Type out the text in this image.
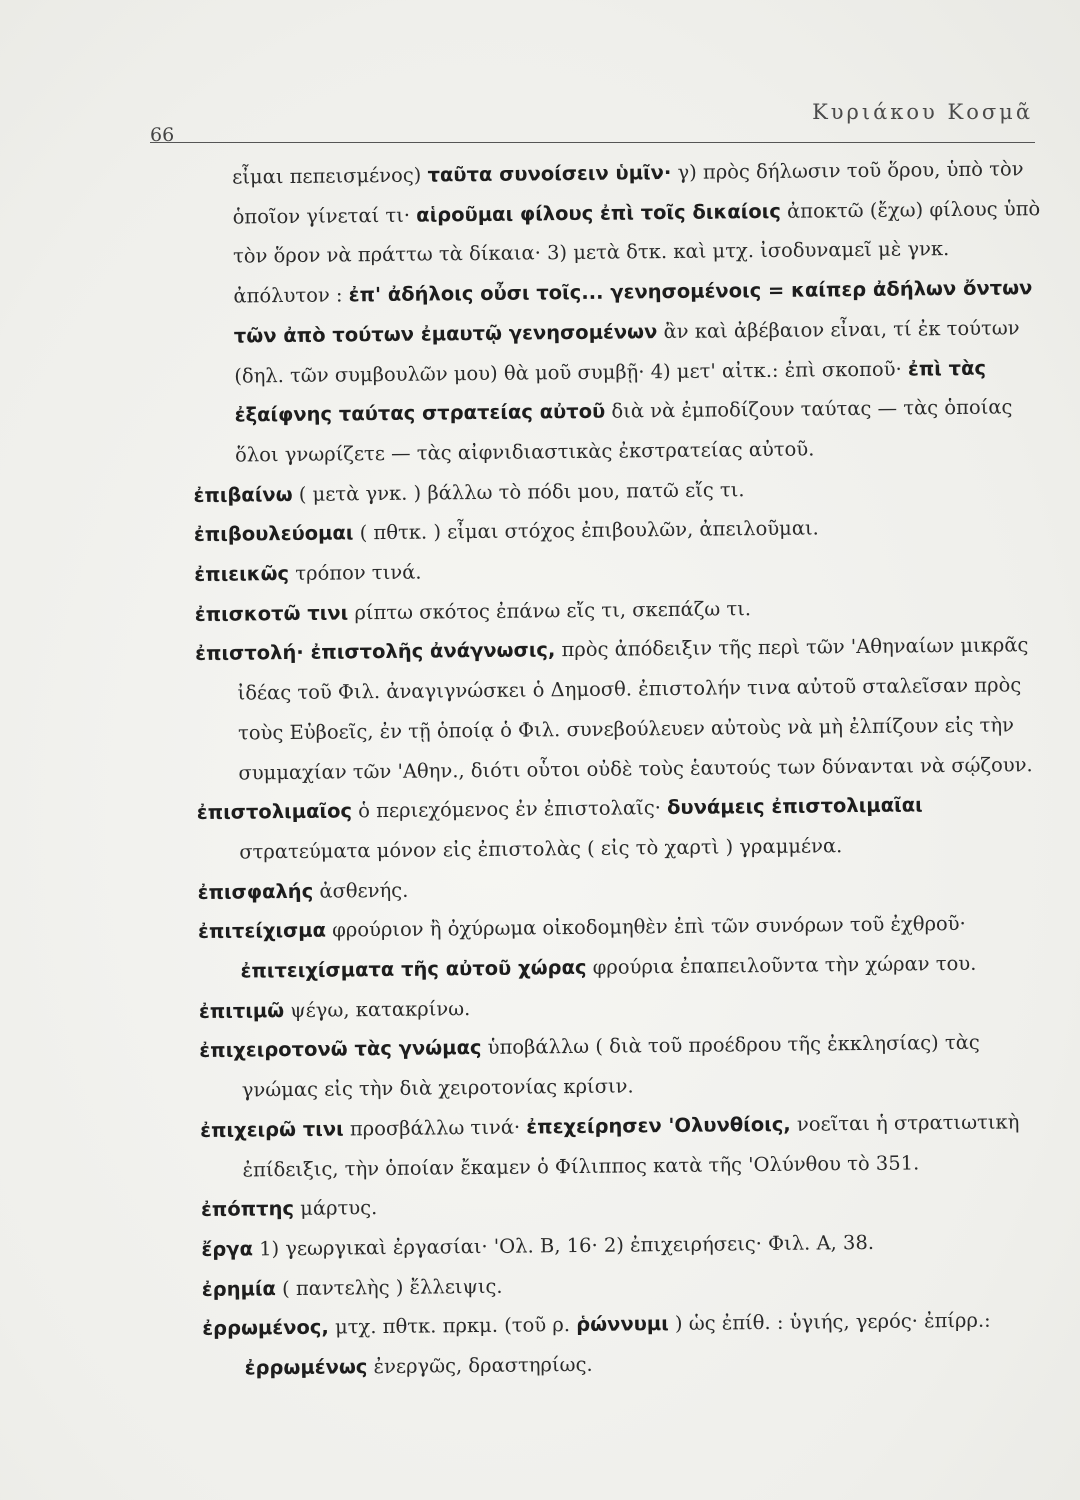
66
Κυριάκου Κοσμᾶ

εἶμαι πεπεισμένος) ταῦτα συνοίσειν ὑμῖν· γ) πρὸς δήλωσιν τοῦ ὅρου, ὑπὸ τὸν ὁποῖον γίνεταί τι· αἱροῦμαι φίλους ἐπὶ τοῖς δικαίοις ἀποκτῶ (ἔχω) φίλους ὑπὸ τὸν ὅρον νὰ πράττω τὰ δίκαια· 3) μετὰ δτκ. καὶ μτχ. ἰσοδυναμεῖ μὲ γνκ. ἀπόλυτον : ἐπ' ἀδήλοις οὖσι τοῖς... γενησομένοις = καίπερ ἀδήλων ὄντων τῶν ἀπὸ τούτων ἐμαυτῷ γενησομένων ἂν καὶ ἀβέβαιον εἶναι, τί ἐκ τούτων (δηλ. τῶν συμβουλῶν μου) θὰ μοῦ συμβῇ· 4) μετ' αἰτκ.: ἐπὶ σκοποῦ· ἐπὶ τὰς ἐξαίφνης ταύτας στρατείας αὐτοῦ διὰ νὰ ἐμποδίζουν ταύτας — τὰς ὁποίας ὅλοι γνωρίζετε — τὰς αἰφνιδιαστικὰς ἐκστρατείας αὐτοῦ.

ἐπιβαίνω ( μετὰ γνκ. ) βάλλω τὸ πόδι μου, πατῶ εἴς τι.

ἐπιβουλεύομαι ( πθτκ. ) εἶμαι στόχος ἐπιβουλῶν, ἀπειλοῦμαι.

ἐπιεικῶς τρόπον τινά.

ἐπισκοτῶ τινι ρίπτω σκότος ἐπάνω εἴς τι, σκεπάζω τι.

ἐπιστολή· ἐπιστολῆς ἀνάγνωσις, πρὸς ἀπόδειξιν τῆς περὶ τῶν 'Αθηναίων μικρᾶς ἰδέας τοῦ Φιλ. ἀναγιγνώσκει ὁ Δημοσθ. ἐπιστολήν τινα αὐτοῦ σταλεῖσαν πρὸς τοὺς Εὐβοεῖς, ἐν τῇ ὁποίᾳ ὁ Φιλ. συνεβούλευεν αὐτοὺς νὰ μὴ ἐλπίζουν εἰς τὴν συμμαχίαν τῶν 'Αθην., διότι οὗτοι οὐδὲ τοὺς ἑαυτούς των δύνανται νὰ σῴζουν.

ἐπιστολιμαῖος ὁ περιεχόμενος ἐν ἐπιστολαῖς· δυνάμεις ἐπιστολιμαῖαι στρατεύματα μόνον εἰς ἐπιστολὰς ( εἰς τὸ χαρτὶ ) γραμμένα.

ἐπισφαλής ἀσθενής.

ἐπιτείχισμα φρούριον ἢ ὀχύρωμα οἰκοδομηθὲν ἐπὶ τῶν συνόρων τοῦ ἐχθροῦ· ἐπιτειχίσματα τῆς αὐτοῦ χώρας φρούρια ἐπαπειλοῦντα τὴν χώραν του.

ἐπιτιμῶ ψέγω, κατακρίνω.

ἐπιχειροτονῶ τὰς γνώμας ὑποβάλλω ( διὰ τοῦ προέδρου τῆς ἐκκλησίας) τὰς γνώμας εἰς τὴν διὰ χειροτονίας κρίσιν.

ἐπιχειρῶ τινι προσβάλλω τινά· ἐπεχείρησεν 'Ολυνθίοις, νοεῖται ἡ στρατιωτικὴ ἐπίδειξις, τὴν ὁποίαν ἔκαμεν ὁ Φίλιππος κατὰ τῆς 'Ολύνθου τὸ 351.

ἐπόπτης μάρτυς.

ἔργα 1) γεωργικαὶ ἐργασίαι· 'Ολ. Β, 16· 2) ἐπιχειρήσεις· Φιλ. Α, 38.

ἐρημία ( παντελὴς ) ἔλλειψις.

ἐρρωμένος, μτχ. πθτκ. πρκμ. (τοῦ ρ. ῥώννυμι ) ὡς ἐπίθ. : ὑγιής, γερός· ἐπίρρ.: ἐρρωμένως ἐνεργῶς, δραστηρίως.
